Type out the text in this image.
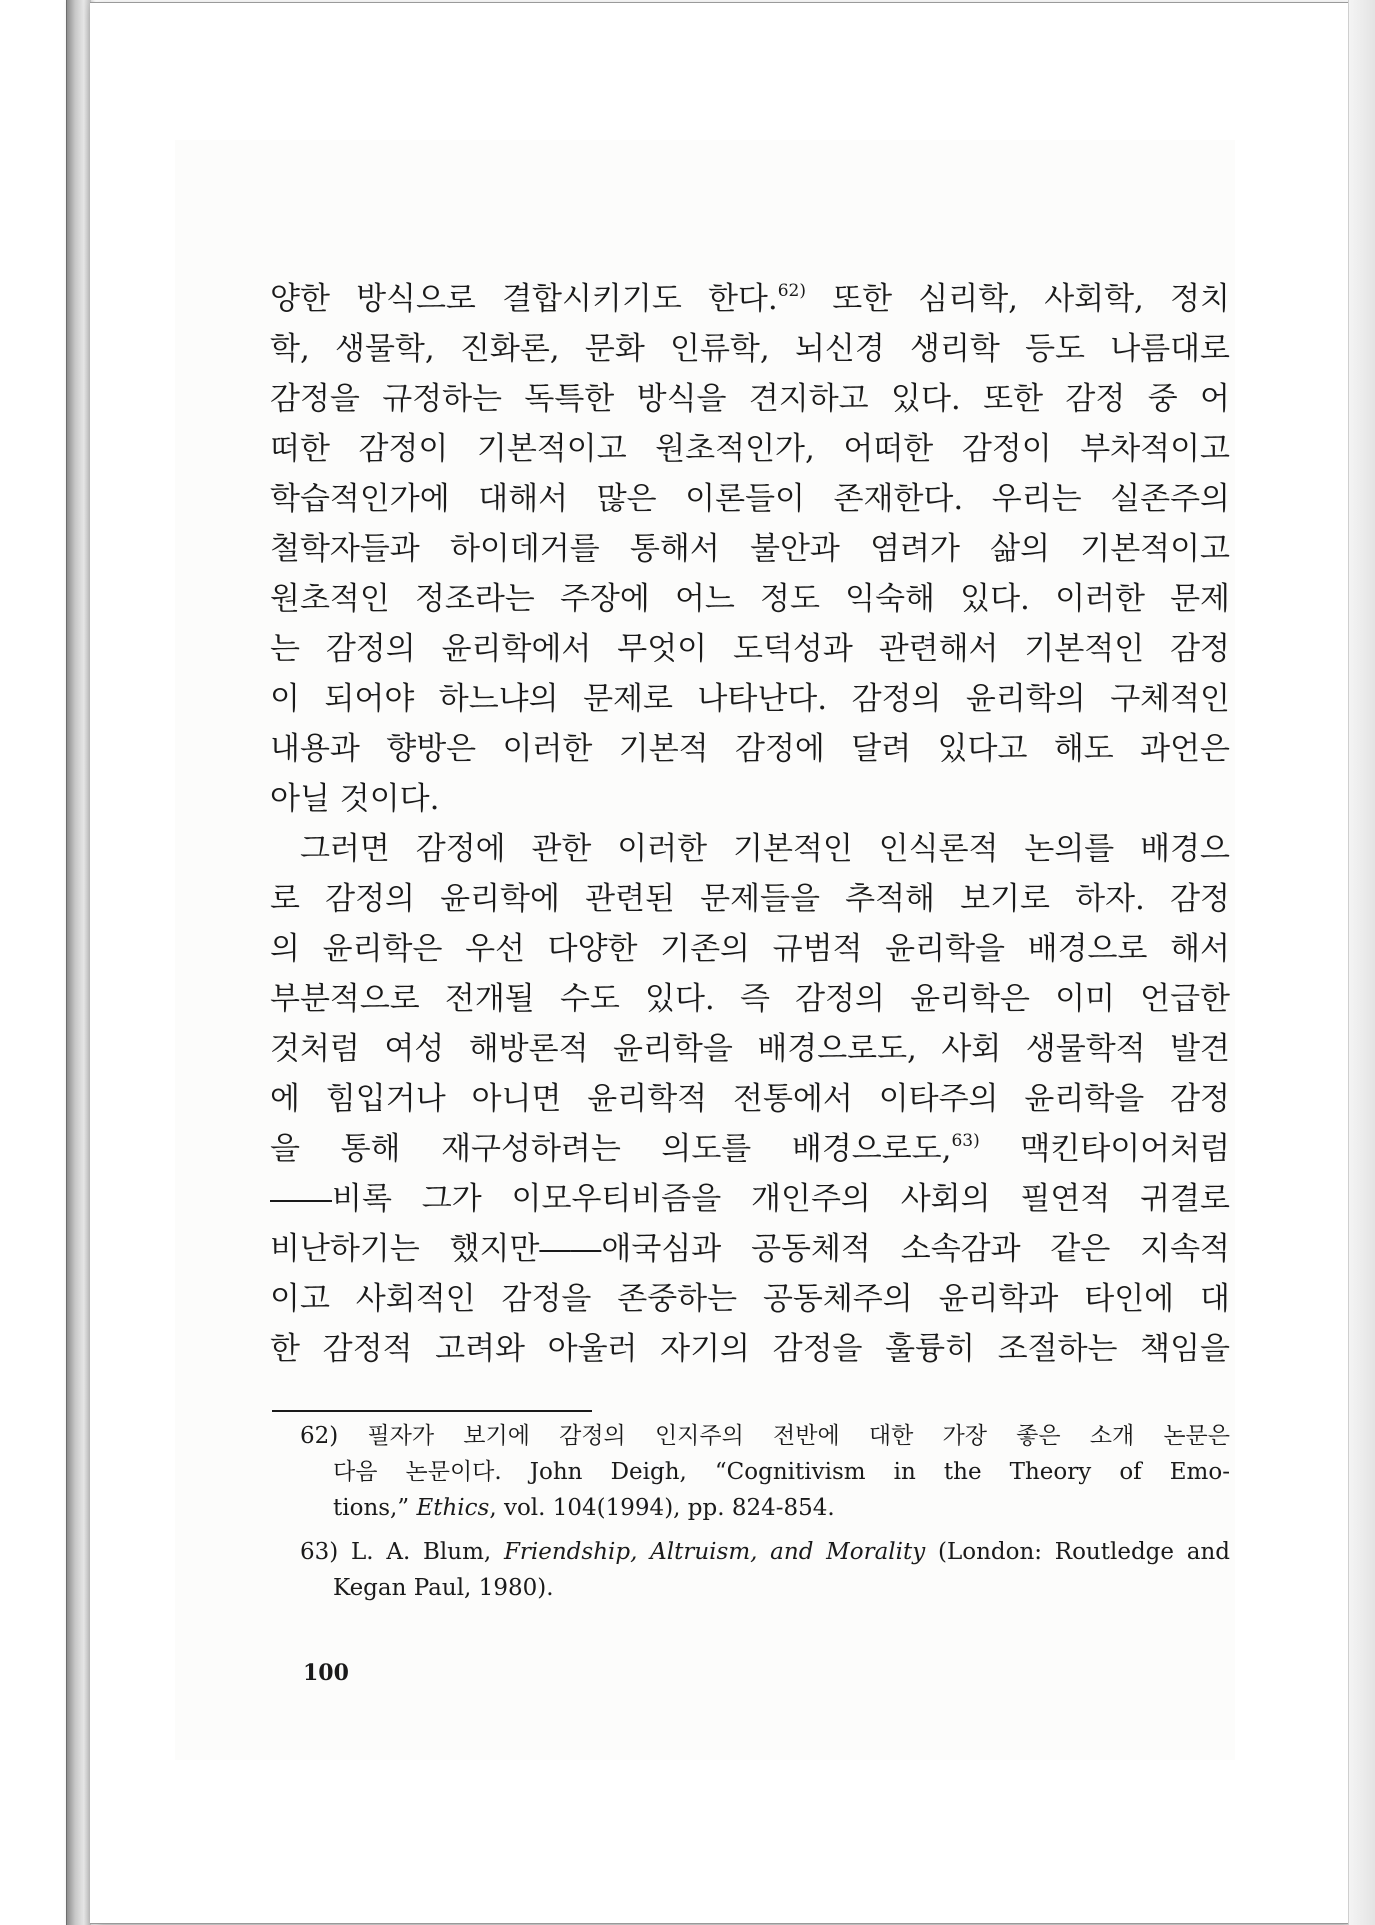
양한 방식으로 결합시키기도 한다.$^{62)}$ 또한 심리학, 사회학, 정치
학, 생물학, 진화론, 문화 인류학, 뇌신경 생리학 등도 나름대로
감정을 규정하는 독특한 방식을 견지하고 있다. 또한 감정 중 어
떠한 감정이 기본적이고 원초적인가, 어떠한 감정이 부차적이고
학습적인가에 대해서 많은 이론들이 존재한다. 우리는 실존주의
철학자들과 하이데거를 통해서 불안과 염려가 삶의 기본적이고
원초적인 정조라는 주장에 어느 정도 익숙해 있다. 이러한 문제
는 감정의 윤리학에서 무엇이 도덕성과 관련해서 기본적인 감정
이 되어야 하느냐의 문제로 나타난다. 감정의 윤리학의 구체적인
내용과 향방은 이러한 기본적 감정에 달려 있다고 해도 과언은
아닐 것이다.
그러면 감정에 관한 이러한 기본적인 인식론적 논의를 배경으
로 감정의 윤리학에 관련된 문제들을 추적해 보기로 하자. 감정
의 윤리학은 우선 다양한 기존의 규범적 윤리학을 배경으로 해서
부분적으로 전개될 수도 있다. 즉 감정의 윤리학은 이미 언급한
것처럼 여성 해방론적 윤리학을 배경으로도, 사회 생물학적 발견
에 힘입거나 아니면 윤리학적 전통에서 이타주의 윤리학을 감정
을 통해 재구성하려는 의도를 배경으로도,$^{63)}$ 맥킨타이어처럼
――비록 그가 이모우티비즘을 개인주의 사회의 필연적 귀결로
비난하기는 했지만――애국심과 공동체적 소속감과 같은 지속적
이고 사회적인 감정을 존중하는 공동체주의 윤리학과 타인에 대
한 감정적 고려와 아울러 자기의 감정을 훌륭히 조절하는 책임을
62) 필자가 보기에 감정의 인지주의 전반에 대한 가장 좋은 소개 논문은
다음 논문이다. John Deigh, “Cognitivism in the Theory of Emo-
tions,” Ethics, vol. 104(1994), pp. 824-854.
63) L. A. Blum, Friendship, Altruism, and Morality (London: Routledge and
Kegan Paul, 1980).
100
